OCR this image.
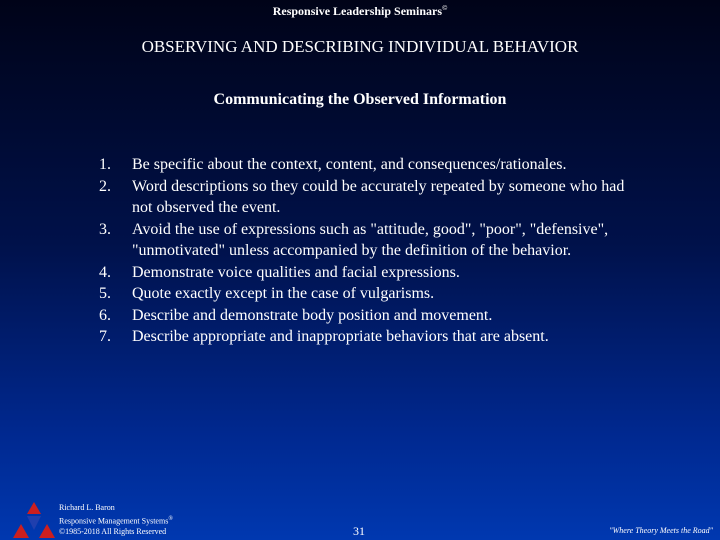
Responsive Leadership Seminars©
OBSERVING AND DESCRIBING INDIVIDUAL BEHAVIOR
Communicating the Observed Information
1.	Be specific about the context, content, and consequences/rationales.
2.	Word descriptions so they could be accurately repeated by someone who had not observed the event.
3.	Avoid the use of expressions such as "attitude, good", "poor", "defensive", "unmotivated" unless accompanied by the definition of the behavior.
4.	Demonstrate voice qualities and facial expressions.
5.	Quote exactly except in the case of vulgarisms.
6.	Describe and demonstrate body position and movement.
7.	Describe appropriate and inappropriate behaviors that are absent.
Richard L. Baron
Responsive Management Systems®
©1985-2018 All Rights Reserved	31	"Where Theory Meets the Road"
